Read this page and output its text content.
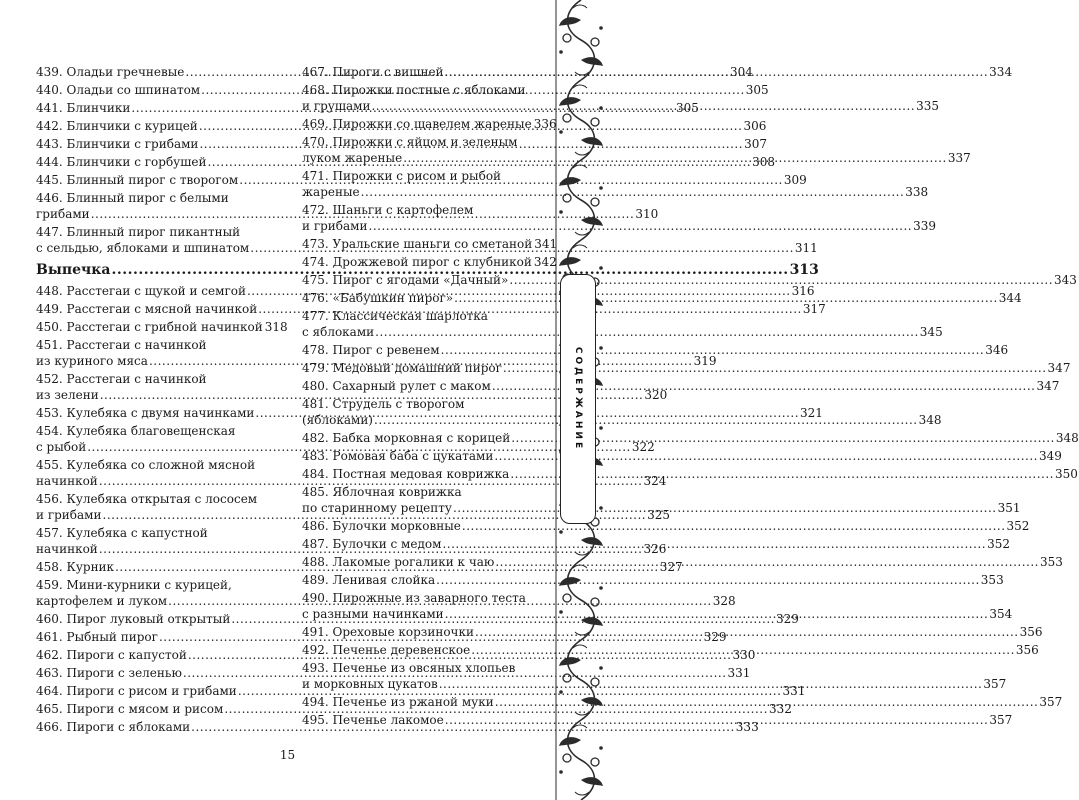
439. Оладьи гречневые .....	304
440. Оладьи со шпинатом .....	305
441. Блинчики .....	305
442. Блинчики с курицей .....	306
443. Блинчики с грибами .....	307
444. Блинчики с горбушей .....	308
445. Блинный пирог с творогом .....	309
446. Блинный пирог с белыми
грибами .....	310
447. Блинный пирог пикантный
с сельдью, яблоками и шпинатом .....	311
Выпечка .....	313
448. Расстегаи с щукой и семгой .....	316
449. Расстегаи с мясной начинкой .....	317
450. Расстегаи с грибной начинкой 318
451. Расстегаи с начинкой
из куриного мяса .....	319
452. Расстегаи с начинкой
из зелени .....	320
453. Кулебяка с двумя начинками .....	321
454. Кулебяка благовещенская
с рыбой .....	322
455. Кулебяка со сложной мясной
начинкой .....	324
456. Кулебяка открытая с лососем
и грибами .....	325
457. Кулебяка с капустной
начинкой .....	326
458. Курник .....	327
459. Мини-курники с курицей,
картофелем и луком .....	328
460. Пирог луковый открытый .....	329
461. Рыбный пирог .....	329
462. Пироги с капустой .....	330
463. Пироги с зеленью .....	331
464. Пироги с рисом и грибами .....	331
465. Пироги с мясом и рисом .....	332
466. Пироги с яблоками .....	333
467. Пироги с вишней .....	334
468. Пирожки постные с яблоками
и грушами .....	335
469. Пирожки со щавелем жареные 336
470. Пирожки с яйцом и зеленым
луком жареные .....	337
471. Пирожки с рисом и рыбой
жареные .....	338
472. Шаньги с картофелем
и грибами .....	339
473. Уральские шаньги со сметаной 341
474. Дрожжевой пирог с клубникой 342
475. Пирог с ягодами «Дачный» .....	343
476. «Бабушкин пирог» .....	344
477. Классическая шарлотка
с яблоками .....	345
478. Пирог с ревенем .....	346
479. Медовый домашний пирог .....	347
480. Сахарный рулет с маком .....	347
481. Струдель с творогом
(яблоками) .....	348
482. Бабка морковная с корицей .....	348
483. Ромовая баба с цукатами .....	349
484. Постная медовая коврижка .....	350
485. Яблочная коврижка
по старинному рецепту .....	351
486. Булочки морковные .....	352
487. Булочки с медом .....	352
488. Лакомые рогалики к чаю .....	353
489. Ленивая слойка .....	353
490. Пирожные из заварного теста
с разными начинками .....	354
491. Ореховые корзиночки .....	356
492. Печенье деревенское .....	356
493. Печенье из овсяных хлопьев
и морковных цукатов .....	357
494. Печенье из ржаной муки .....	357
495. Печенье лакомое .....	357
15
СОДЕРЖАНИЕ
